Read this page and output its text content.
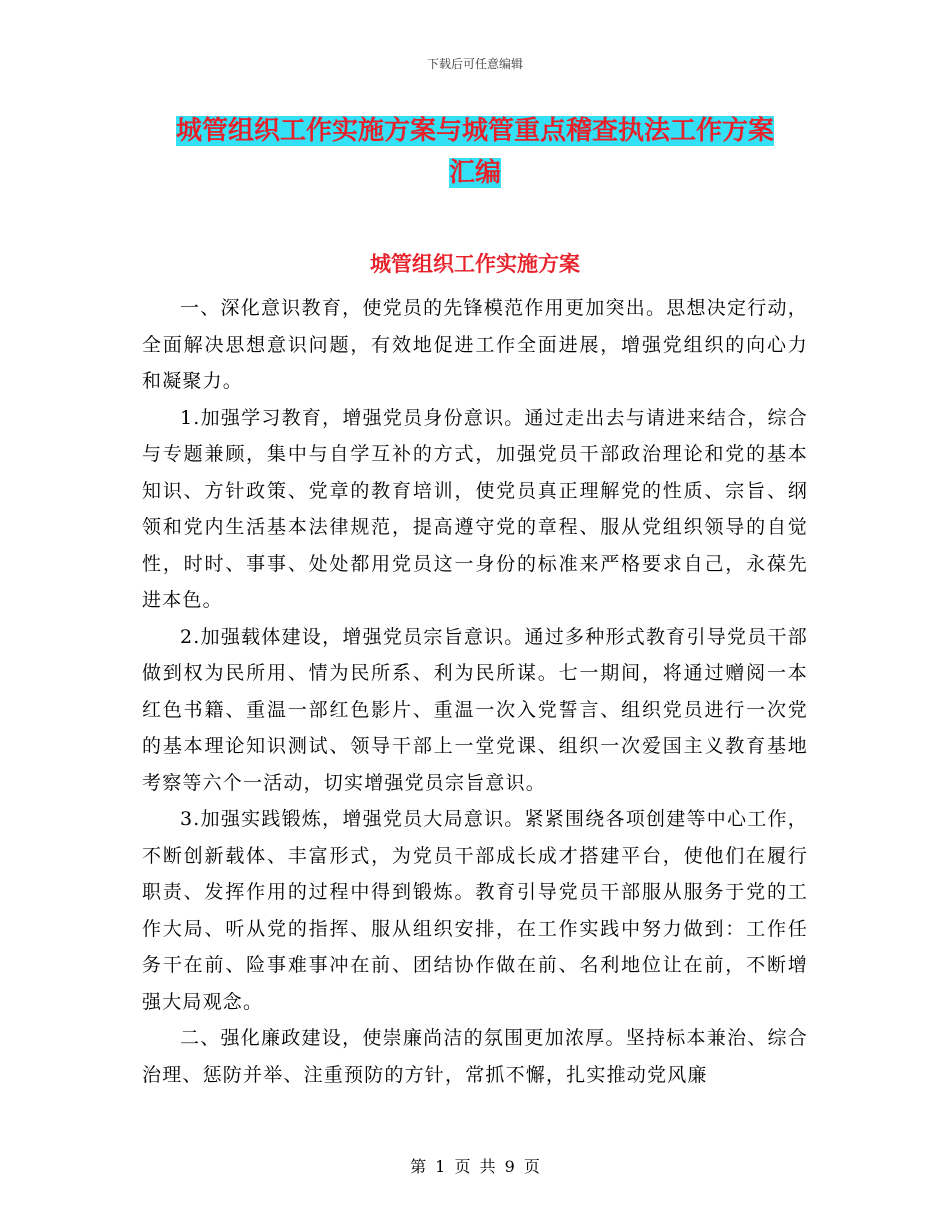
下载后可任意编辑
城管组织工作实施方案与城管重点稽查执法工作方案
汇编
城管组织工作实施方案

一、深化意识教育，使党员的先锋模范作用更加突出。思想决定行动，全面解决思想意识问题，有效地促进工作全面进展，增强党组织的向心力和凝聚力。

1.加强学习教育，增强党员身份意识。通过走出去与请进来结合，综合与专题兼顾，集中与自学互补的方式，加强党员干部政治理论和党的基本知识、方针政策、党章的教育培训，使党员真正理解党的性质、宗旨、纲领和党内生活基本法律规范，提高遵守党的章程、服从党组织领导的自觉性，时时、事事、处处都用党员这一身份的标准来严格要求自己，永葆先进本色。

2.加强载体建设，增强党员宗旨意识。通过多种形式教育引导党员干部做到权为民所用、情为民所系、利为民所谋。七一期间，将通过赠阅一本红色书籍、重温一部红色影片、重温一次入党誓言、组织党员进行一次党的基本理论知识测试、领导干部上一堂党课、组织一次爱国主义教育基地考察等六个一活动，切实增强党员宗旨意识。

3.加强实践锻炼，增强党员大局意识。紧紧围绕各项创建等中心工作，不断创新载体、丰富形式，为党员干部成长成才搭建平台，使他们在履行职责、发挥作用的过程中得到锻炼。教育引导党员干部服从服务于党的工作大局、听从党的指挥、服从组织安排，在工作实践中努力做到：工作任务干在前、险事难事冲在前、团结协作做在前、名利地位让在前，不断增强大局观念。

二、强化廉政建设，使崇廉尚洁的氛围更加浓厚。坚持标本兼治、综合治理、惩防并举、注重预防的方针，常抓不懈，扎实推动党风廉

第 1 页 共 9 页
